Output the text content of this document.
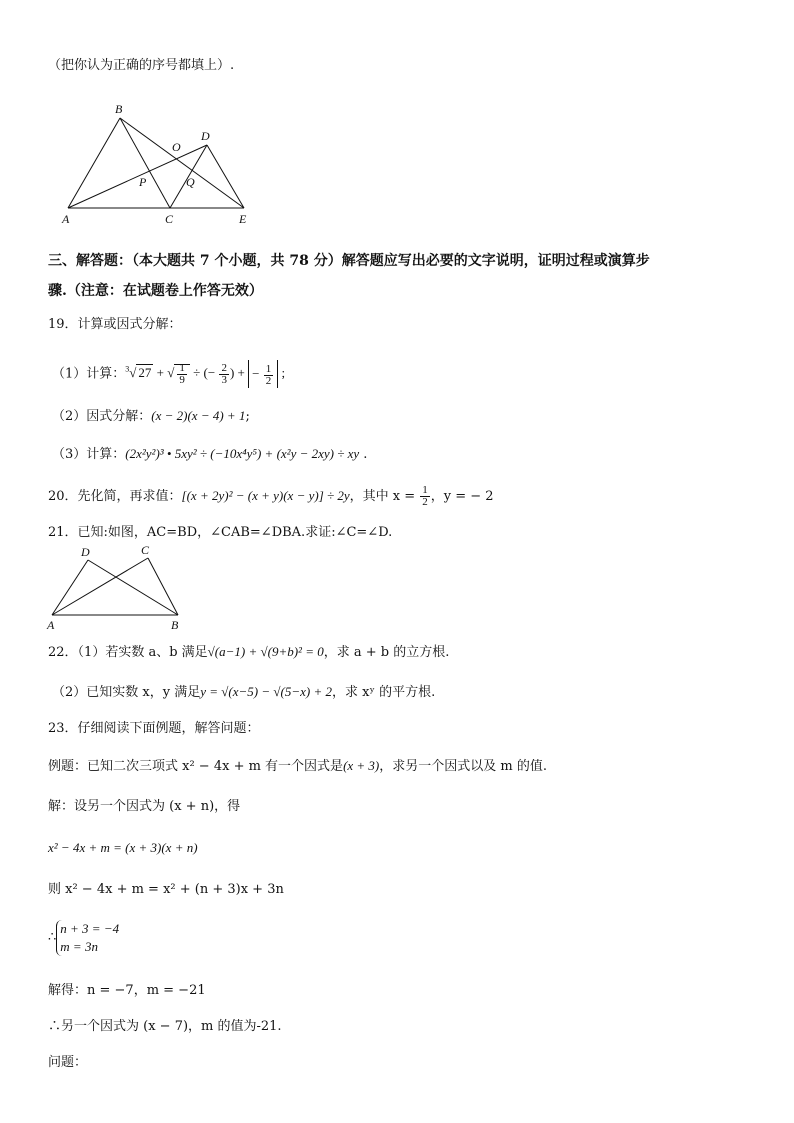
（把你认为正确的序号都填上）.
B
D
O
P	Q
A	C	E
三、解答题：（本大题共 7 个小题，共 78 分）解答题应写出必要的文字说明，证明过程或演算步
骤.（注意：在试题卷上作答无效）
19．计算或因式分解：
（1）计算：$^3$√ 27 + √ $\frac{1}{9}$ ÷ (− $\frac{2}{3}$ ) + − $\frac{1}{2}$ ;
（2）因式分解：(x − 2)(x − 4) + 1;
（3）计算：(2x²y²)³ • 5xy² ÷ (−10x⁴y⁵) + (x²y − 2xy) ÷ xy .
20．先化简，再求值：[(x + 2y)² − (x + y)(x − y)] ÷ 2y，其中 $x = \frac{1}{2}$ ，y = − 2
21．已知:如图，AC=BD，∠CAB=∠DBA.求证:∠C=∠D.
D	C
A	B
22．（1）若实数 a、b 满足√(a−1) + √(9+b)² = 0，求 a + b 的立方根.
（2）已知实数 x，y 满足y = √(x−5) − √(5−x) + 2，求 xʸ 的平方根.
23．仔细阅读下面例题，解答问题：
例题：已知二次三项式 x² − 4x + m 有一个因式是(x + 3)，求另一个因式以及 m 的值.
解：设另一个因式为 (x + n)，得
x² − 4x + m = (x + 3)(x + n)
则 x² − 4x + m = x² + (n + 3)x + 3n
∴
n + 3 = −4
m = 3n
解得：n = −7，m = −21
∴另一个因式为 (x − 7)，m 的值为-21.
问题：
